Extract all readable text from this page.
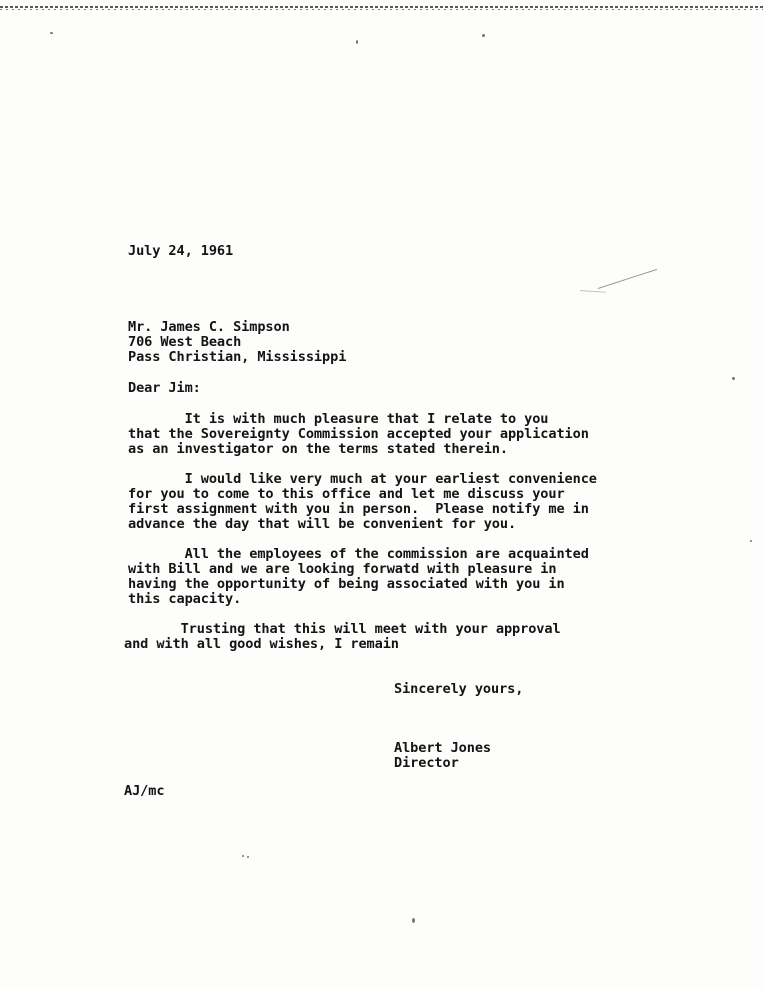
July 24, 1961
Mr. James C. Simpson
706 West Beach
Pass Christian, Mississippi
Dear Jim:
It is with much pleasure that I relate to you
that the Sovereignty Commission accepted your application
as an investigator on the terms stated therein.
I would like very much at your earliest convenience
for you to come to this office and let me discuss your
first assignment with you in person.  Please notify me in
advance the day that will be convenient for you.
All the employees of the commission are acquainted
with Bill and we are looking forwatd with pleasure in
having the opportunity of being associated with you in
this capacity.
Trusting that this will meet with your approval
and with all good wishes, I remain
Sincerely yours,
Albert Jones
Director
AJ/mc
